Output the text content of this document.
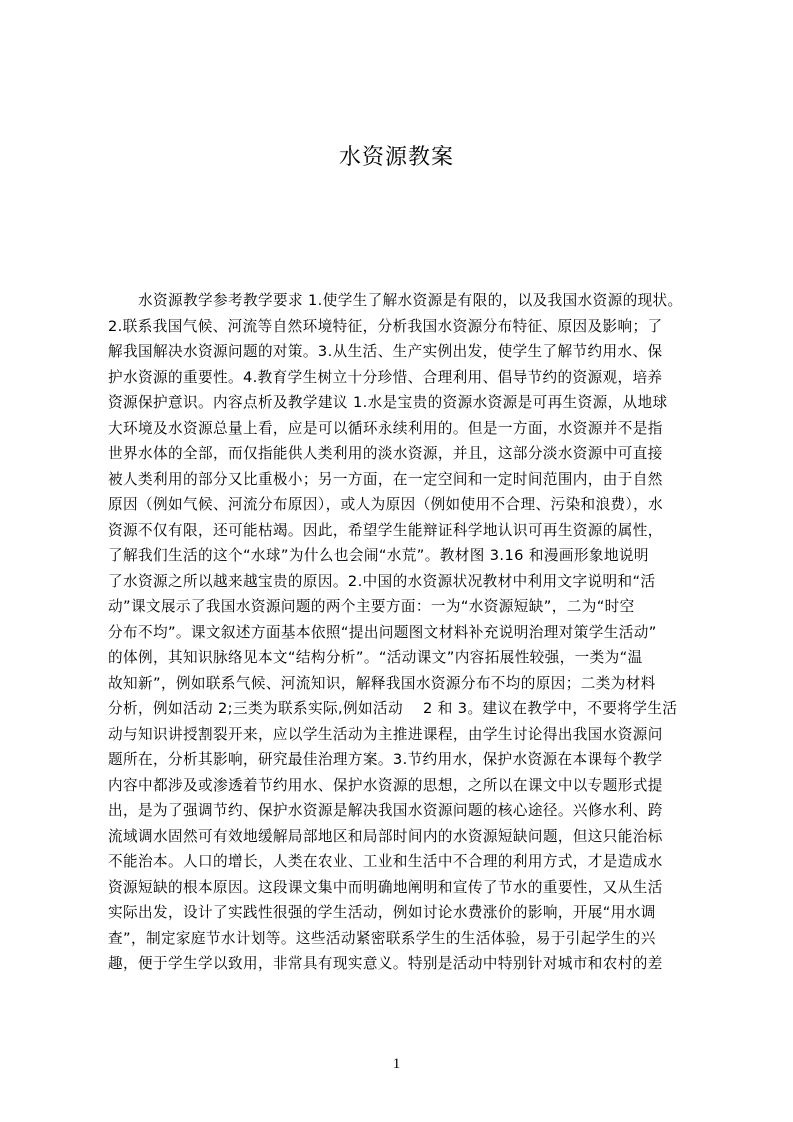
水资源教案
水资源教学参考教学要求 1.使学生了解水资源是有限的，以及我国水资源的现状。
2.联系我国气候、河流等自然环境特征，分析我国水资源分布特征、原因及影响；了
解我国解决水资源问题的对策。3.从生活、生产实例出发，使学生了解节约用水、保
护水资源的重要性。4.教育学生树立十分珍惜、合理利用、倡导节约的资源观，培养
资源保护意识。内容点析及教学建议 1.水是宝贵的资源水资源是可再生资源，从地球
大环境及水资源总量上看，应是可以循环永续利用的。但是一方面，水资源并不是指
世界水体的全部，而仅指能供人类利用的淡水资源，并且，这部分淡水资源中可直接
被人类利用的部分又比重极小；另一方面，在一定空间和一定时间范围内，由于自然
原因（例如气候、河流分布原因），或人为原因（例如使用不合理、污染和浪费），水
资源不仅有限，还可能枯竭。因此，希望学生能辩证科学地认识可再生资源的属性，
了解我们生活的这个“水球”为什么也会闹“水荒”。教材图 3.16 和漫画形象地说明
了水资源之所以越来越宝贵的原因。2.中国的水资源状况教材中利用文字说明和“活
动”课文展示了我国水资源问题的两个主要方面：一为“水资源短缺”，二为“时空
分布不均”。课文叙述方面基本依照“提出问题图文材料补充说明治理对策学生活动”
的体例，其知识脉络见本文“结构分析”。“活动课文”内容拓展性较强，一类为“温
故知新”，例如联系气候、河流知识，解释我国水资源分布不均的原因；二类为材料
分析，例如活动 2;三类为联系实际,例如活动　 2 和 3。建议在教学中，不要将学生活
动与知识讲授割裂开来，应以学生活动为主推进课程，由学生讨论得出我国水资源问
题所在，分析其影响，研究最佳治理方案。3.节约用水，保护水资源在本课每个教学
内容中都涉及或渗透着节约用水、保护水资源的思想，之所以在课文中以专题形式提
出，是为了强调节约、保护水资源是解决我国水资源问题的核心途径。兴修水利、跨
流域调水固然可有效地缓解局部地区和局部时间内的水资源短缺问题，但这只能治标
不能治本。人口的增长，人类在农业、工业和生活中不合理的利用方式，才是造成水
资源短缺的根本原因。这段课文集中而明确地阐明和宣传了节水的重要性，又从生活
实际出发，设计了实践性很强的学生活动，例如讨论水费涨价的影响，开展“用水调
查”，制定家庭节水计划等。这些活动紧密联系学生的生活体验，易于引起学生的兴
趣，便于学生学以致用，非常具有现实意义。特别是活动中特别针对城市和农村的差
1
